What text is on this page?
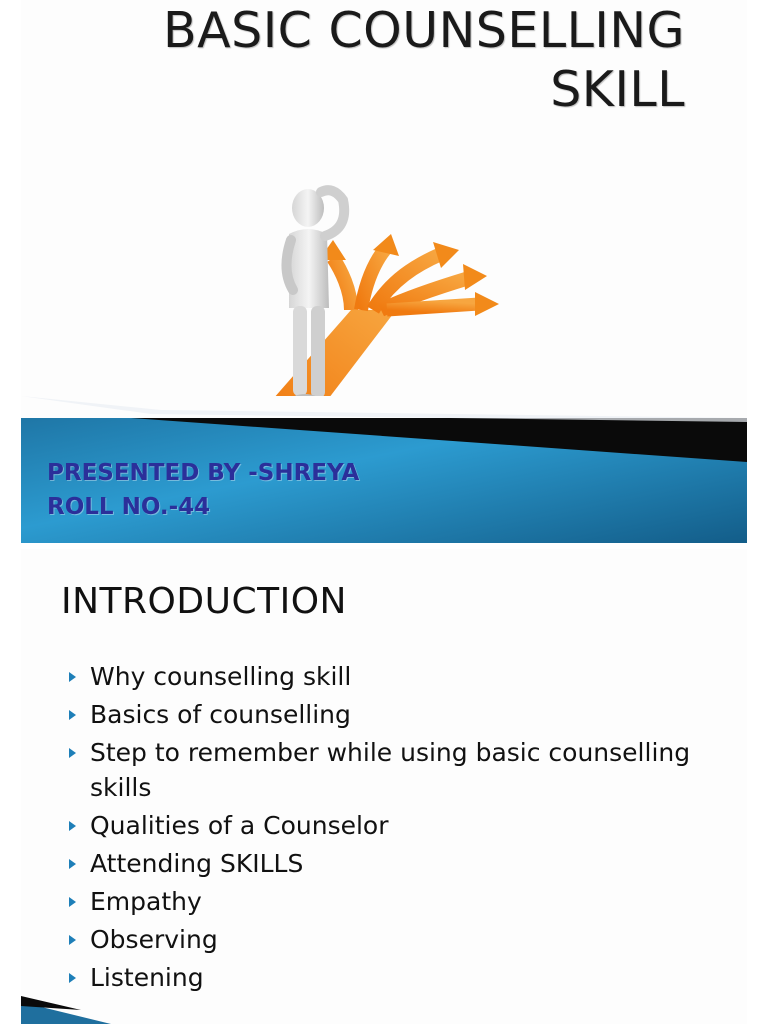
BASIC COUNSELLING SKILL
PRESENTED BY -SHREYA
ROLL NO.-44
INTRODUCTION
Why counselling skill
Basics of counselling
Step to remember while using basic counselling skills
Qualities of a Counselor
Attending SKILLS
Empathy
Observing
Listening
